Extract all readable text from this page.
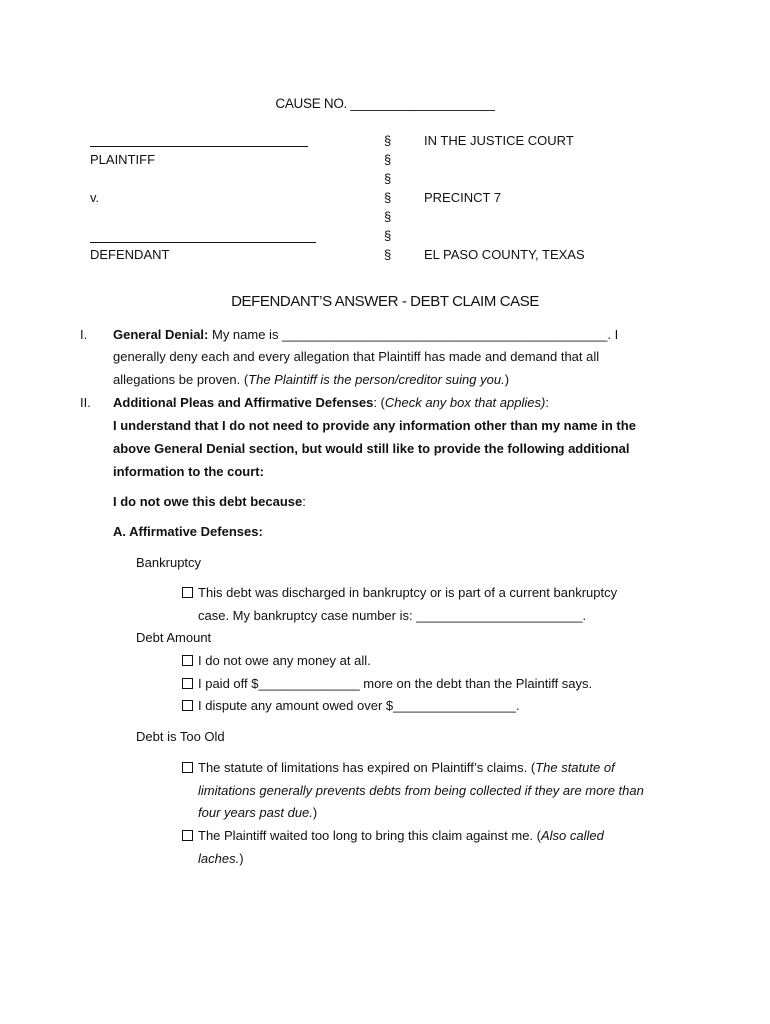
CAUSE NO. ____________________
PLAINTIFF
v.
DEFENDANT
§
§
§
§
§
§
§
IN THE JUSTICE COURT
PRECINCT 7
EL PASO COUNTY, TEXAS
DEFENDANT’S ANSWER - DEBT CLAIM CASE
I. General Denial: My name is _____________________________________________. I
generally deny each and every allegation that Plaintiff has made and demand that all
allegations be proven. (The Plaintiff is the person/creditor suing you.)
II. Additional Pleas and Affirmative Defenses: (Check any box that applies):
I understand that I do not need to provide any information other than my name in the
above General Denial section, but would still like to provide the following additional
information to the court:
I do not owe this debt because:
A. Affirmative Defenses:
Bankruptcy
This debt was discharged in bankruptcy or is part of a current bankruptcy
case. My bankruptcy case number is: _______________________.
Debt Amount
I do not owe any money at all.
I paid off $______________ more on the debt than the Plaintiff says.
I dispute any amount owed over $_________________.
Debt is Too Old
The statute of limitations has expired on Plaintiff’s claims. (The statute of
limitations generally prevents debts from being collected if they are more than
four years past due.)
The Plaintiff waited too long to bring this claim against me. (Also called
laches.)
